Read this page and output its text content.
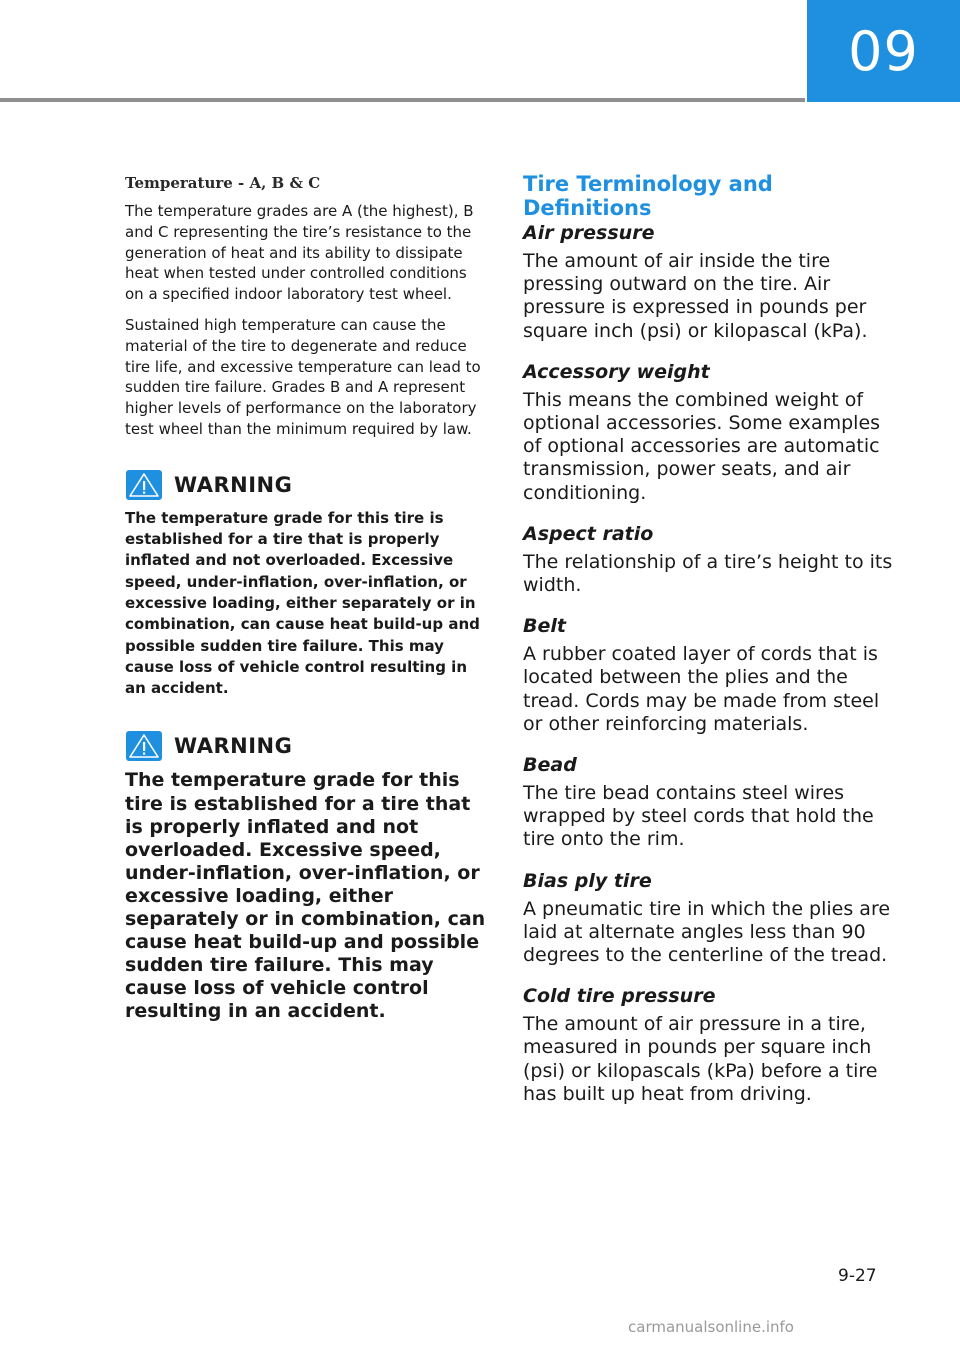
09
Temperature - A, B & C

The temperature grades are A (the highest), B and C representing the tire’s resistance to the generation of heat and its ability to dissipate heat when tested under controlled conditions on a specified indoor laboratory test wheel.

Sustained high temperature can cause the material of the tire to degenerate and reduce tire life, and excessive temperature can lead to sudden tire failure. Grades B and A represent higher levels of performance on the laboratory test wheel than the minimum required by law.

WARNING

The temperature grade for this tire is established for a tire that is properly inflated and not overloaded. Excessive speed, under-inflation, over-inflation, or excessive loading, either separately or in combination, can cause heat build-up and possible sudden tire failure. This may cause loss of vehicle control resulting in an accident.

WARNING

The temperature grade for this tire is established for a tire that is properly inflated and not overloaded. Excessive speed, under-inflation, over-inflation, or excessive loading, either separately or in combination, can cause heat build-up and possible sudden tire failure. This may cause loss of vehicle control resulting in an accident.

Tire Terminology and Definitions
Air pressure

The amount of air inside the tire pressing outward on the tire. Air pressure is expressed in pounds per square inch (psi) or kilopascal (kPa).

Accessory weight

This means the combined weight of optional accessories. Some examples of optional accessories are automatic transmission, power seats, and air conditioning.

Aspect ratio

The relationship of a tire’s height to its width.

Belt

A rubber coated layer of cords that is located between the plies and the tread. Cords may be made from steel or other reinforcing materials.

Bead

The tire bead contains steel wires wrapped by steel cords that hold the tire onto the rim.

Bias ply tire

A pneumatic tire in which the plies are laid at alternate angles less than 90 degrees to the centerline of the tread.

Cold tire pressure

The amount of air pressure in a tire, measured in pounds per square inch (psi) or kilopascals (kPa) before a tire has built up heat from driving.

9-27
carmanualsonline.info
